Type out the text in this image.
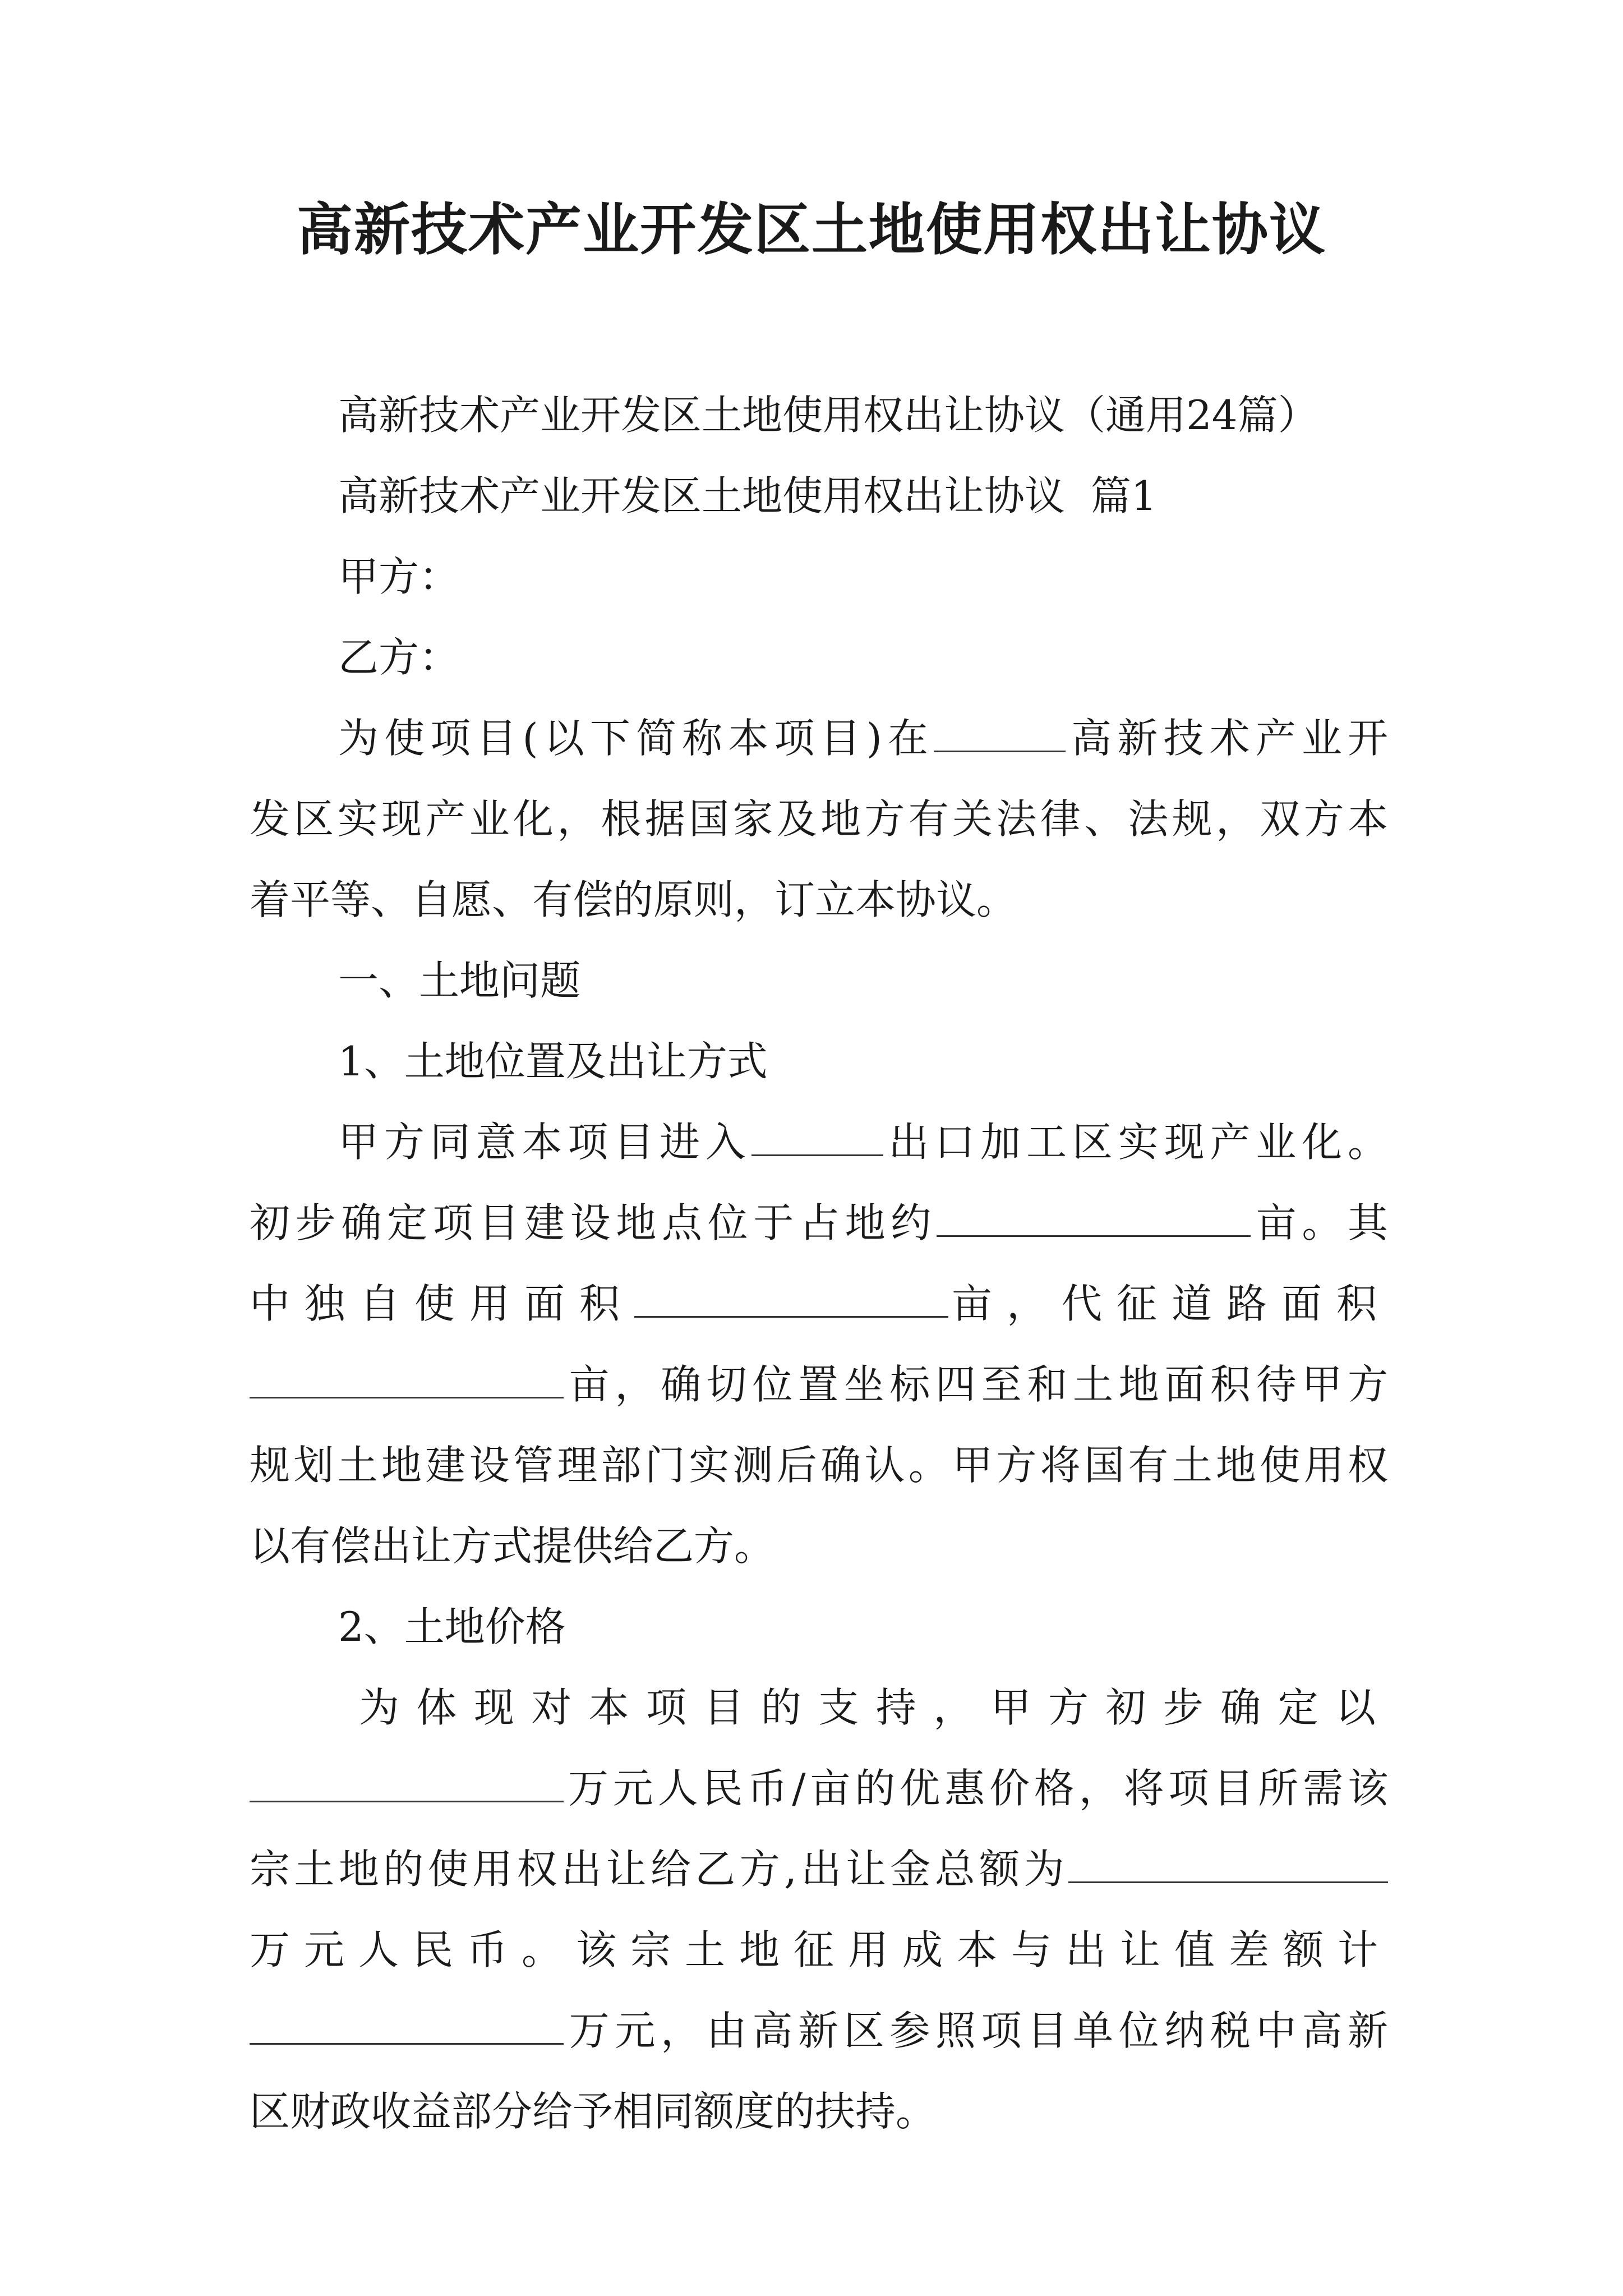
高新技术产业开发区土地使用权出让协议

高新技术产业开发区土地使用权出让协议（通用24篇）

高新技术产业开发区土地使用权出让协议 篇1

甲方：

乙方：

为使项目(以下简称本项目)在	高新技术产业开

发区实现产业化，根据国家及地方有关法律、法规，双方本

着平等、自愿、有偿的原则，订立本协议。

一、土地问题

1、土地位置及出让方式

甲方同意本项目进入	出口加工区实现产业化。

初步确定项目建设地点位于占地约	亩。其

中独自使用面积	亩，代征道路面积

亩，确切位置坐标四至和土地面积待甲方

规划土地建设管理部门实测后确认。甲方将国有土地使用权

以有偿出让方式提供给乙方。

2、土地价格

为体现对本项目的支持，甲方初步确定以

万元人民币/亩的优惠价格，将项目所需该

宗土地的使用权出让给乙方,出让金总额为

万元人民币。该宗土地征用成本与出让值差额计

万元，由高新区参照项目单位纳税中高新

区财政收益部分给予相同额度的扶持。
